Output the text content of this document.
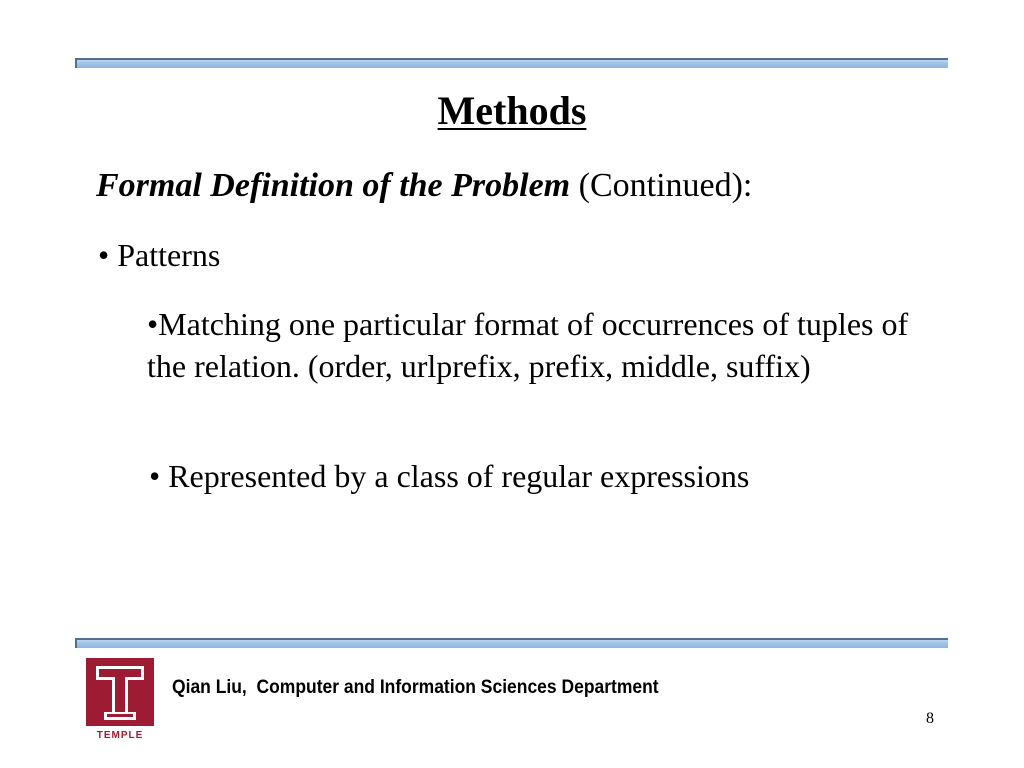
Methods
Formal Definition of the Problem (Continued):
• Patterns
•Matching one particular format of occurrences of tuples of the relation. (order, urlprefix, prefix, middle, suffix)
• Represented by a class of regular expressions
TEMPLE
Qian Liu,  Computer and Information Sciences Department
8
